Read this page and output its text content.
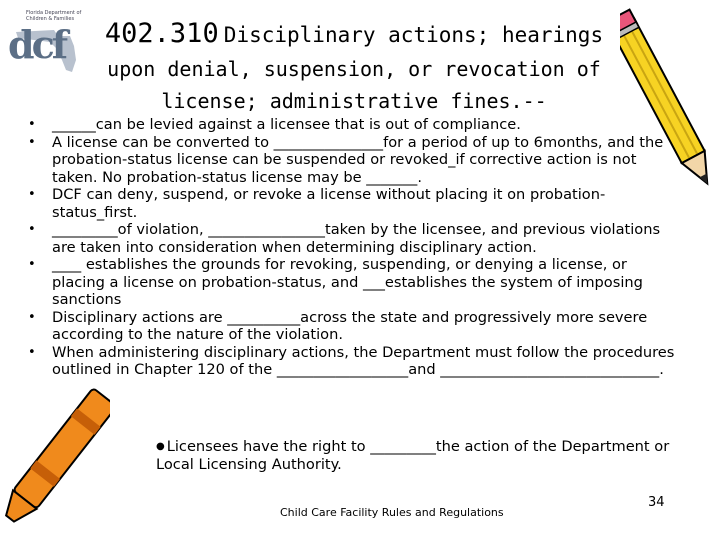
dcf
Florida Department of Children & Families	402.310 Disciplinary actions; hearings
upon denial, suspension, or revocation of
license; administrative fines.--
• ______can be levied against a licensee that is out of compliance.
• A license can be converted to _______________for a period of up to 6months, and the probation-status license can be suspended or revoked_if corrective action is not taken. No probation-status license may be _______.
• DCF can deny, suspend, or revoke a license without placing it on probation-status_first.
• _________of violation, ________________taken by the licensee, and previous violations are taken into consideration when determining disciplinary action.
• ____ establishes the grounds for revoking, suspending, or denying a license, or placing a license on probation-status, and ___establishes the system of imposing sanctions
• Disciplinary actions are __________across the state and progressively more severe according to the nature of the violation.
• When administering disciplinary actions, the Department must follow the procedures outlined in Chapter 120 of the __________________and ______________________________.
● Licensees have the right to _________the action of the Department or Local Licensing Authority.
Child Care Facility Rules and Regulations
34
